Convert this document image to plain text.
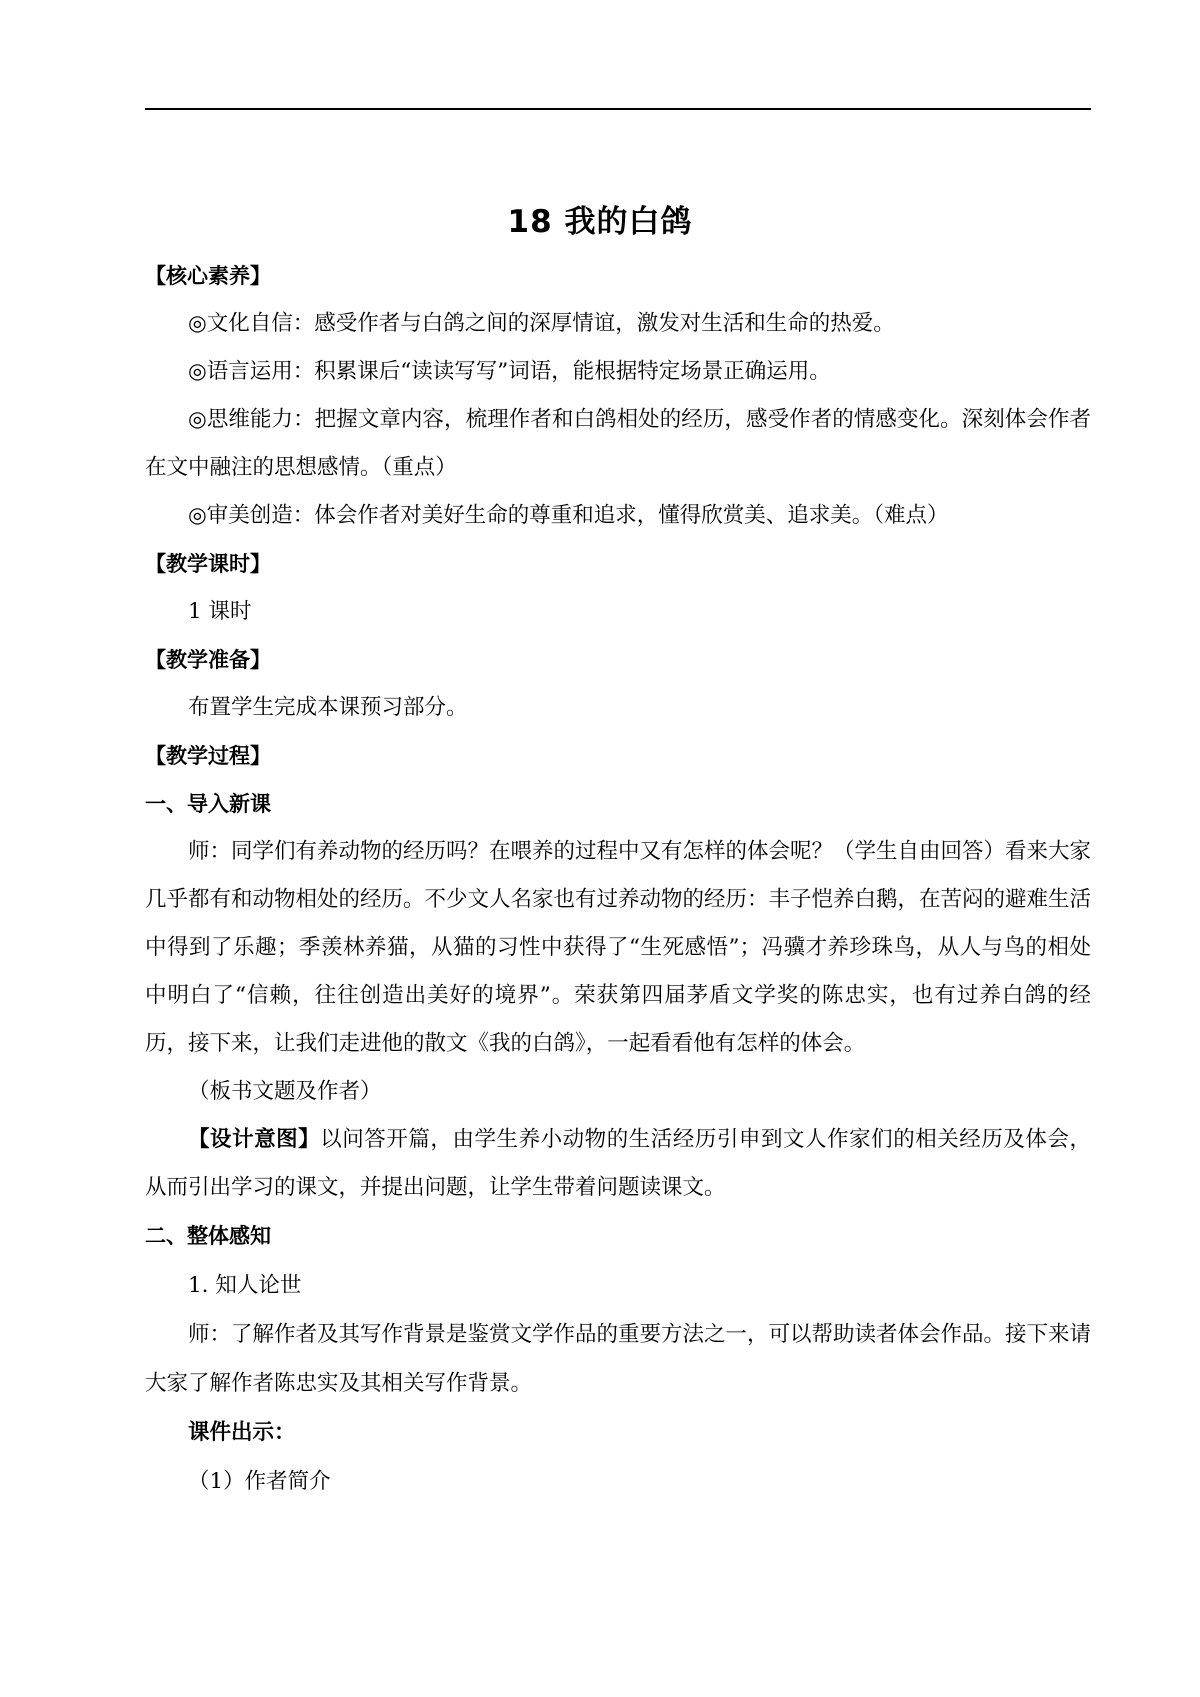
18 我的白鸽

【核心素养】

◎文化自信：感受作者与白鸽之间的深厚情谊，激发对生活和生命的热爱。

◎语言运用：积累课后“读读写写”词语，能根据特定场景正确运用。

◎思维能力：把握文章内容，梳理作者和白鸽相处的经历，感受作者的情感变化。深刻体会作者在文中融注的思想感情。（重点）

◎审美创造：体会作者对美好生命的尊重和追求，懂得欣赏美、追求美。（难点）

【教学课时】

1 课时

【教学准备】

布置学生完成本课预习部分。

【教学过程】

一、导入新课

师：同学们有养动物的经历吗？在喂养的过程中又有怎样的体会呢？（学生自由回答）看来大家几乎都有和动物相处的经历。不少文人名家也有过养动物的经历：丰子恺养白鹅，在苦闷的避难生活中得到了乐趣；季羡林养猫，从猫的习性中获得了“生死感悟”；冯骥才养珍珠鸟，从人与鸟的相处中明白了“信赖，往往创造出美好的境界”。荣获第四届茅盾文学奖的陈忠实，也有过养白鸽的经历，接下来，让我们走进他的散文《我的白鸽》，一起看看他有怎样的体会。

（板书文题及作者）

【设计意图】以问答开篇，由学生养小动物的生活经历引申到文人作家们的相关经历及体会，从而引出学习的课文，并提出问题，让学生带着问题读课文。

二、整体感知

1. 知人论世

师：了解作者及其写作背景是鉴赏文学作品的重要方法之一，可以帮助读者体会作品。接下来请大家了解作者陈忠实及其相关写作背景。

课件出示：

（1）作者简介
